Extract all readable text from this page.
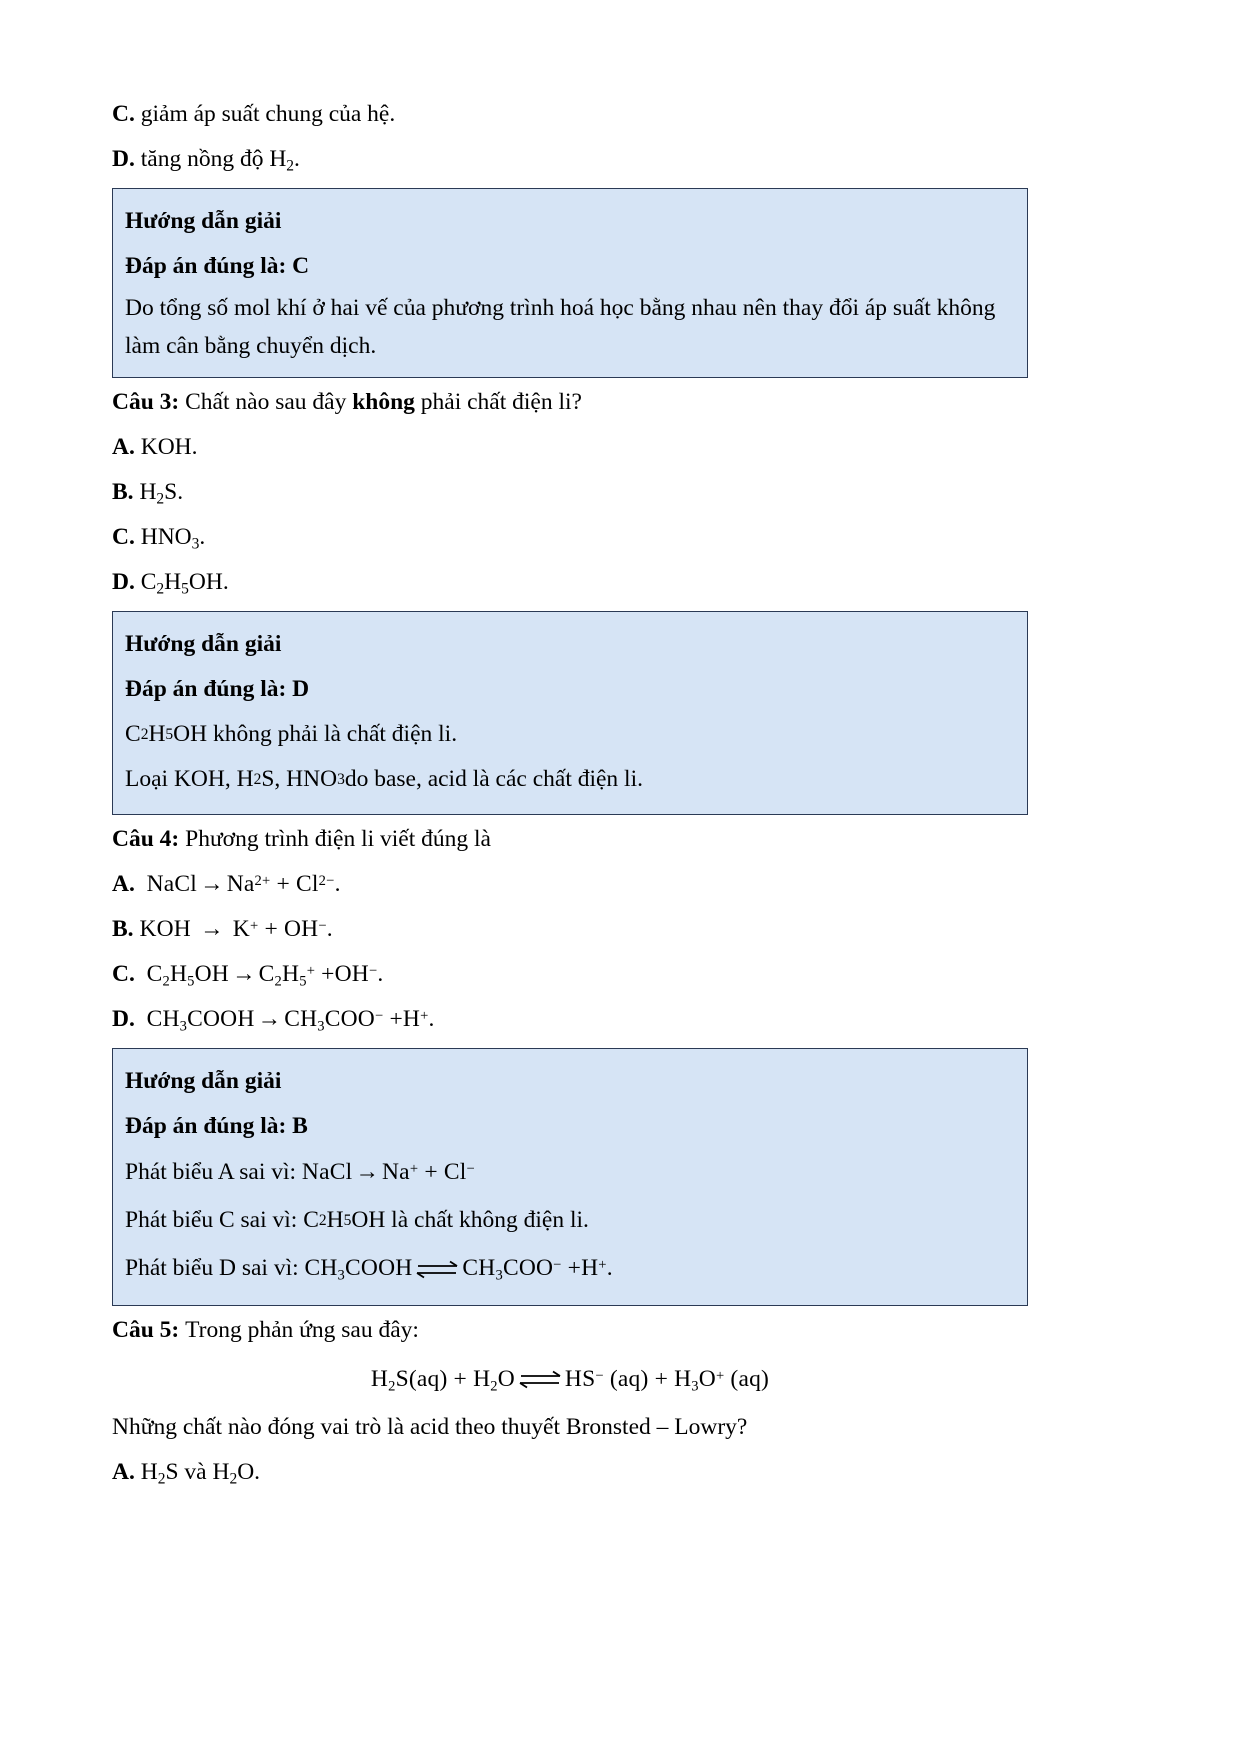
C.
giảm áp suất chung của hệ.
D.
tăng nồng độ $H_2$.
Hướng dẫn giải
Đáp án đúng là: C
Do tổng số mol khí ở hai vế của phương trình hoá học bằng nhau nên thay đổi áp suất không làm cân bằng chuyển dịch.
Câu 3:
Chất nào sau đây không phải chất điện li?
A.
KOH.
B.
$H_2S$.
C.
$HNO_3$.
D.
$C_2H_5OH$.
Hướng dẫn giải
Đáp án đúng là: D
C 2 H 5 OH không phải là chất điện li.
Loại KOH, H 2 S, HNO 3 do base, acid là các chất điện li.
Câu 4:
Phương trình điện li viết đúng là
A.
NaCl → $Na^{2+} + Cl^{2-}$.
B.
KOH → K+ + OH−.
C.
$C_2H_5OH \to C_2H_5^+ +OH^-$.
D.
$CH_3COOH \to CH_3COO^- +H^+$.
Hướng dẫn giải
Đáp án đúng là: B
Phát biểu A sai vì:
NaCl → Na+ + Cl−
Phát biểu C sai vì: C 2 H 5 OH là chất không điện li.
Phát biểu D sai vì:
$CH_3COOH$ ⇌ $CH_3COO^- +H^+$.
Câu 5:
Trong phản ứng sau đây:
$H_2S(aq) + H_2O$ ⇌ HS− $(aq) + H_3O^+$ (aq)
Những chất nào đóng vai trò là acid theo thuyết Bronsted – Lowry?
A.
$H_2S$ và $H_2O$.
